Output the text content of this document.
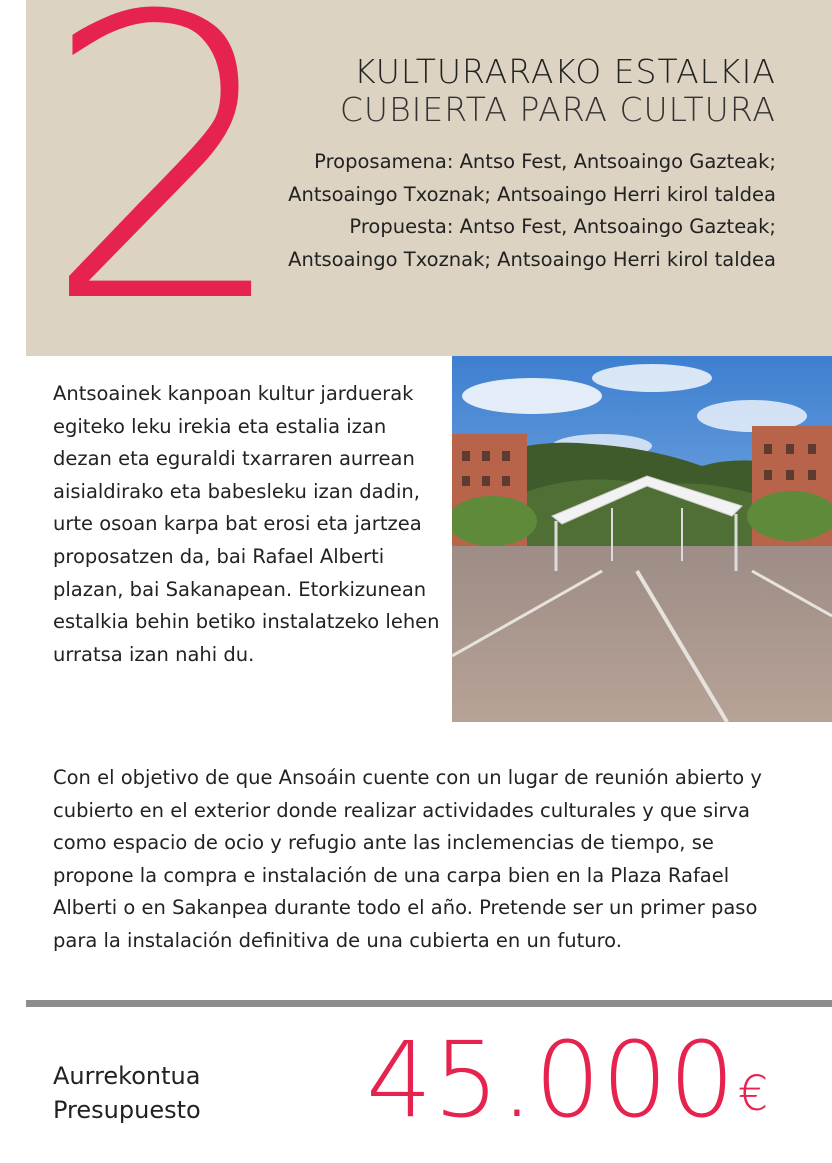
2 KULTURARAKO ESTALKIA
CUBIERTA PARA CULTURA

Proposamena: Antso Fest, Antsoaingo Gazteak; Antsoaingo Txoznak; Antsoaingo Herri kirol taldea

Propuesta: Antso Fest, Antsoaingo Gazteak; Antsoaingo Txoznak; Antsoaingo Herri kirol taldea

Antsoainek kanpoan kultur jarduerak egiteko leku irekia eta estalia izan dezan eta eguraldi txarraren aurrean aisialdirako eta babesleku izan dadin, urte osoan karpa bat erosi eta jartzea proposatzen da, bai Rafael Alberti plazan, bai Sakanapean. Etorkizunean estalkia behin betiko instalatzeko lehen urratsa izan nahi du.

Con el objetivo de que Ansoáin cuente con un lugar de reunión abierto y cubierto en el exterior donde realizar actividades culturales y que sirva como espacio de ocio y refugio ante las inclemencias de tiempo, se propone la compra e instalación de una carpa bien en la Plaza Rafael Alberti o en Sakanpea durante todo el año. Pretende ser un primer paso para la instalación definitiva de una cubierta en un futuro.

Aurrekontua
Presupuesto 45.000€
